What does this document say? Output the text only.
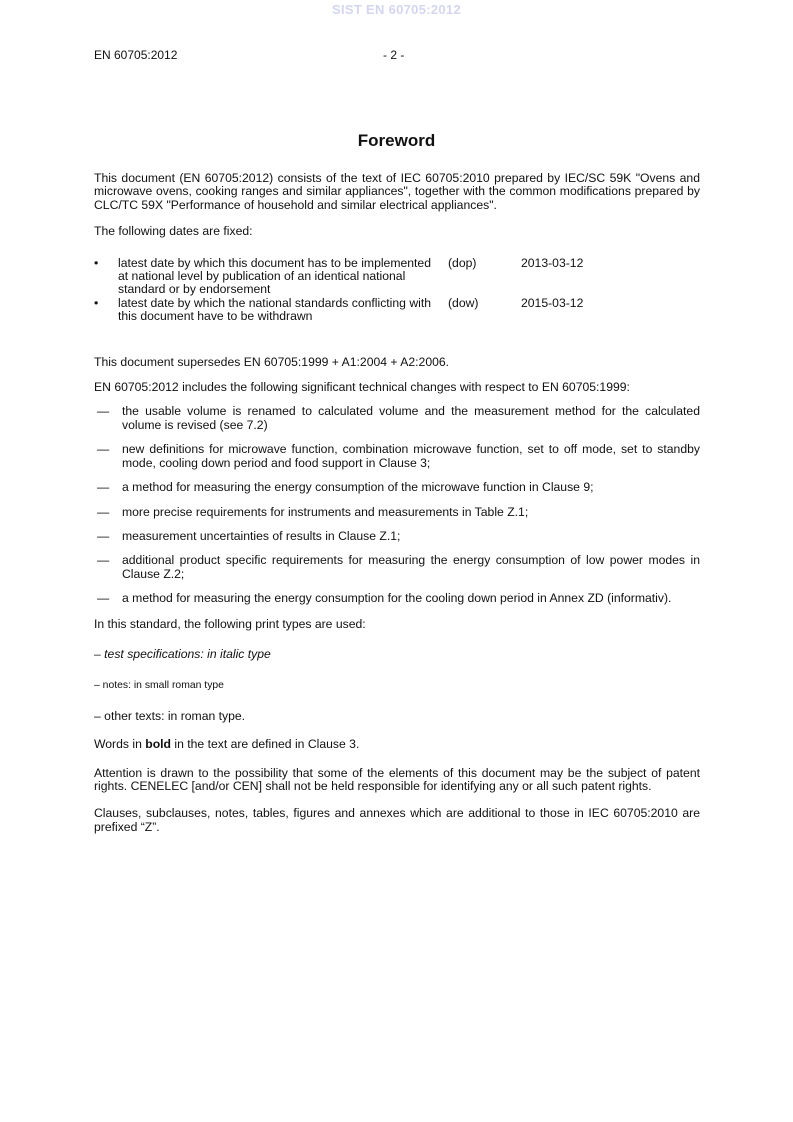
SIST EN 60705:2012
EN 60705:2012	- 2 -
Foreword

This document (EN 60705:2012) consists of the text of IEC 60705:2010 prepared by IEC/SC 59K "Ovens and microwave ovens, cooking ranges and similar appliances", together with the common modifications prepared by CLC/TC 59X "Performance of household and similar electrical appliances".

The following dates are fixed:

• latest date by which this document has to be implemented
at national level by publication of an identical national standard or by endorsement
(dop)	2013-03-12
• latest date by which the national standards conflicting with this document have to be withdrawn
(dow)	2015-03-12

This document supersedes EN 60705:1999 + A1:2004 + A2:2006.

EN 60705:2012 includes the following significant technical changes with respect to EN 60705:1999:

— the usable volume is renamed to calculated volume and the measurement method for the calculated volume is revised (see 7.2)
— new definitions for microwave function, combination microwave function, set to off mode, set to standby mode, cooling down period and food support in Clause 3;
— a method for measuring the energy consumption of the microwave function in Clause 9;
— more precise requirements for instruments and measurements in Table Z.1;
— measurement uncertainties of results in Clause Z.1;
— additional product specific requirements for measuring the energy consumption of low power modes in Clause Z.2;
— a method for measuring the energy consumption for the cooling down period in Annex ZD (informativ).

In this standard, the following print types are used:

– test specifications: in italic type

– notes: in small roman type

– other texts: in roman type.

Words in bold in the text are defined in Clause 3.

Attention is drawn to the possibility that some of the elements of this document may be the subject of patent rights. CENELEC [and/or CEN] shall not be held responsible for identifying any or all such patent rights.

Clauses, subclauses, notes, tables, figures and annexes which are additional to those in IEC 60705:2010 are prefixed “Z”.
